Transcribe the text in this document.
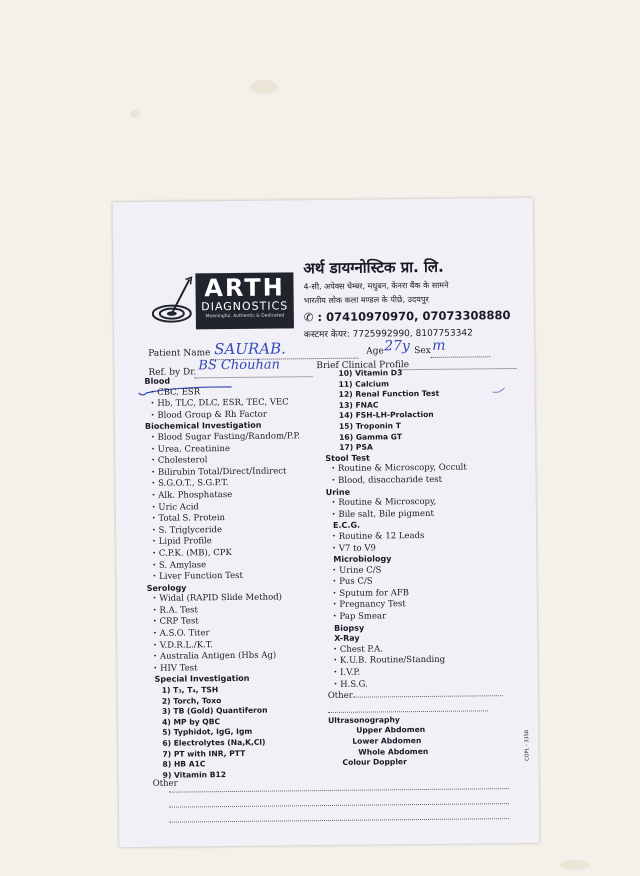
ARTH
DIAGNOSTICS
Meaningful, Authentic & Dedicated
अर्थ डायग्नोस्टिक प्रा. लि.
4-सी, अपेक्स चेम्बर, मधुबन, केनरा बैंक के सामने
भारतीय लोक कला मण्डल के पीछे, उदयपुर
✆ : 07410970970, 07073308880
कस्टमर केयर: 7725992990, 8107753342
Patient Name SAURAB.	Age 27y Sex m
Ref. by Dr. BS Chouhan	Brief Clinical Profile
Blood
• CBC, ESR
• Hb, TLC, DLC, ESR, TEC, VEC
• Blood Group & Rh Factor
Biochemical Investigation
• Blood Sugar Fasting/Random/P.P.
• Urea, Creatinine
• Cholesterol
• Bilirubin Total/Direct/Indirect
• S.G.O.T., S.G.P.T.
• Alk. Phosphatase
• Uric Acid
• Total S. Protein
• S. Triglyceride
• Lipid Profile
• C.P.K. (MB), CPK
• S. Amylase
• Liver Function Test
Serology
• Widal (RAPID Slide Method)
• R.A. Test
• CRP Test
• A.S.O. Titer
• V.D.R.L./K.T.
• Australia Antigen (Hbs Ag)
• HIV Test
Special Investigation
1) T₃, T₄, TSH
2) Torch, Toxo
3) TB (Gold) Quantiferon
4) MP by QBC
5) Typhidot, IgG, Igm
6) Electrolytes (Na,K,Cl)
7) PT with INR, PTT
8) HB A1C
9) Vitamin B12
Other
10) Vitamin D3
11) Calcium
12) Renal Function Test
13) FNAC
14) FSH-LH-Prolaction
15) Troponin T
16) Gamma GT
17) PSA
Stool Test
• Routine & Microscopy, Occult
• Blood, disaccharide test
Urine
• Routine & Microscopy,
• Bile salt, Bile pigment
E.C.G.
• Routine & 12 Leads
• V7 to V9
Microbiology
• Urine C/S
• Pus C/S
• Sputum for AFB
• Pregnancy Test
• Pap Smear
Biopsy
X-Ray
• Chest P.A.
• K.U.B. Routine/Standing
• I.V.P.
• H.S.G.
Other
Ultrasonography
Upper Abdomen
Lower Abdomen
Whole Abdomen
Colour Doppler
COPL - 3358
